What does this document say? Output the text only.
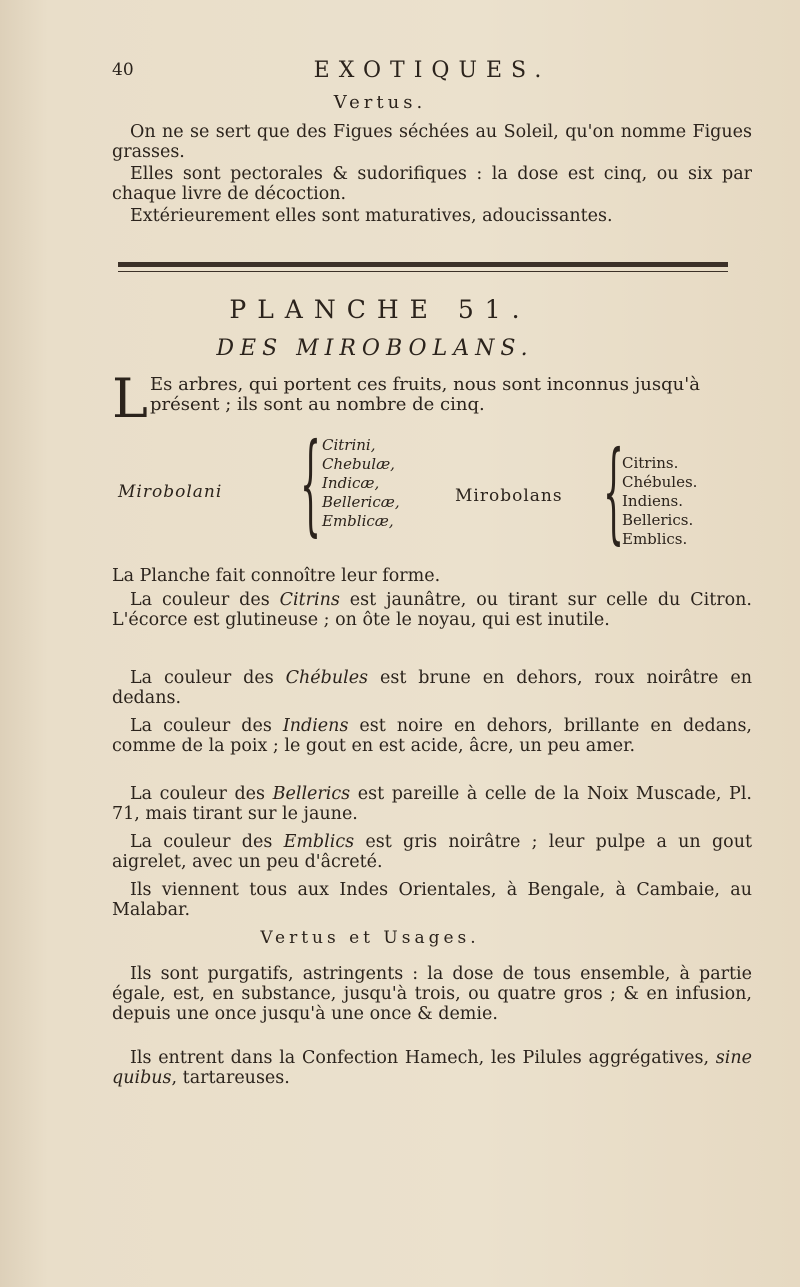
40	EXOTIQUES.
Vertus.
On ne se sert que des Figues séchées au Soleil, qu'on nomme Figues grasses.
Elles sont pectorales & sudorifiques : la dose est cinq, ou six par chaque livre de décoction.
Extérieurement elles sont maturatives, adoucissantes.
PLANCHE 51.
DES MIROBOLANS.
L Es arbres, qui portent ces fruits, nous sont inconnus jusqu'à présent ; ils sont au nombre de cinq.
Mirobolani { Citrini,
Chebulæ,
Indicæ,
Bellericæ,
Emblicæ,
Mirobolans {
Citrins.
Chébules.
Indiens.
Bellerics.
Emblics.
La Planche fait connoître leur forme.
La couleur des Citrins est jaunâtre, ou tirant sur celle du Citron. L'écorce est glutineuse ; on ôte le noyau, qui est inutile.
La couleur des Chébules est brune en dehors, roux noirâtre en dedans.
La couleur des Indiens est noire en dehors, brillante en dedans, comme de la poix ; le gout en est acide, âcre, un peu amer.
La couleur des Bellerics est pareille à celle de la Noix Muscade, Pl. 71, mais tirant sur le jaune.
La couleur des Emblics est gris noirâtre ; leur pulpe a un gout aigrelet, avec un peu d'âcreté.
Ils viennent tous aux Indes Orientales, à Bengale, à Cambaie, au Malabar.
Vertus et Usages.
Ils sont purgatifs, astringents : la dose de tous ensemble, à partie égale, est, en substance, jusqu'à trois, ou quatre gros ; & en infusion, depuis une once jusqu'à une once & demie.
Ils entrent dans la Confection Hamech, les Pilules aggrégatives, sine quibus, tartareuses.
